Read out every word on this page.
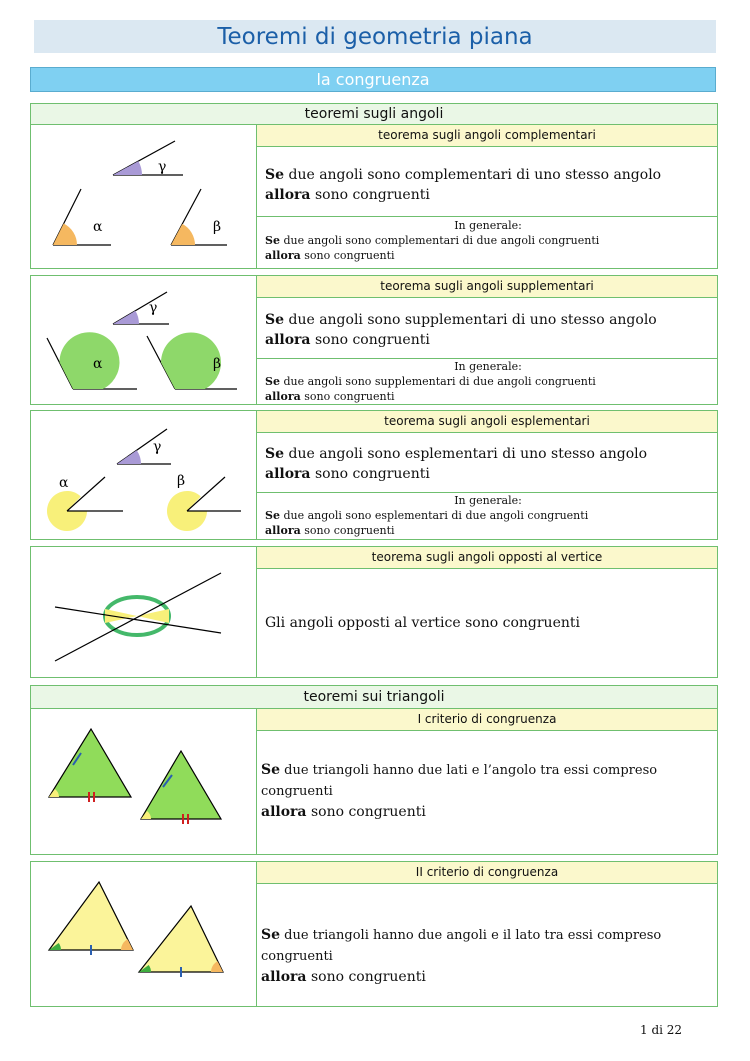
Teoremi di geometria piana
la congruenza
teoremi sugli angoli
γ
α	β
teorema sugli angoli complementari
Se due angoli sono complementari di uno stesso angolo
allora sono congruenti
In generale:
Se due angoli sono complementari di due angoli congruenti
allora sono congruenti
γ
α	β
teorema sugli angoli supplementari
Se due angoli sono supplementari di uno stesso angolo
allora sono congruenti
In generale:
Se due angoli sono supplementari di due angoli congruenti
allora sono congruenti
γ
α	β
teorema sugli angoli esplementari
Se due angoli sono esplementari di uno stesso angolo
allora sono congruenti
In generale:
Se due angoli sono esplementari di due angoli congruenti
allora sono congruenti
teorema sugli angoli opposti al vertice
Gli angoli opposti al vertice sono congruenti
teoremi sui triangoli
I criterio di congruenza
Se due triangoli hanno due lati e l’angolo tra essi compreso congruenti
allora sono congruenti
II criterio di congruenza
Se due triangoli hanno due angoli e il lato tra essi compreso congruenti
allora sono congruenti
1 di 22
